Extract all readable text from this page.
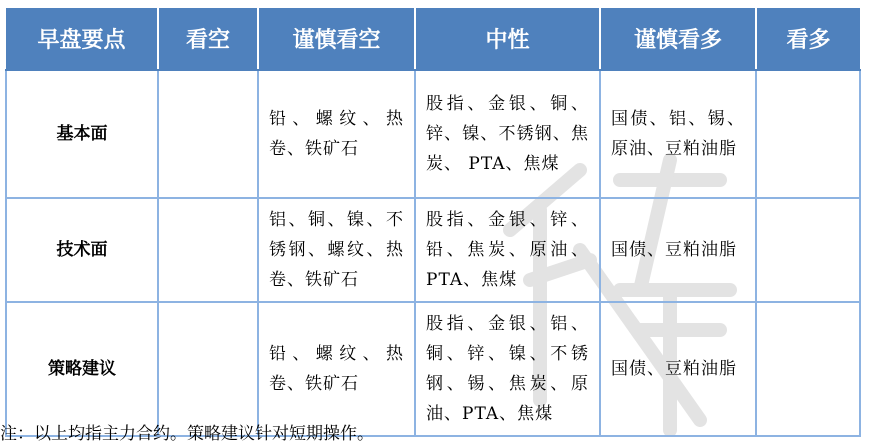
早盘要点	看空	谨慎看空	中性	谨慎看多	看多
基本面		铅、螺纹、热卷、铁矿石	股指、金银、铜、锌、镍、不锈钢、焦炭、 PTA、焦煤	国债、铝、锡、原油、豆粕油脂	
技术面		铝、铜、镍、不锈钢、螺纹、热卷、铁矿石	股指、金银、锌、铅、焦炭、原油、PTA、焦煤	国债、豆粕油脂	
策略建议		铅、螺纹、热卷、铁矿石	股指、金银、铝、铜、锌、镍、不锈钢、锡、焦炭、原油、PTA、焦煤	国债、豆粕油脂	
注：以上均指主力合约。策略建议针对短期操作。
